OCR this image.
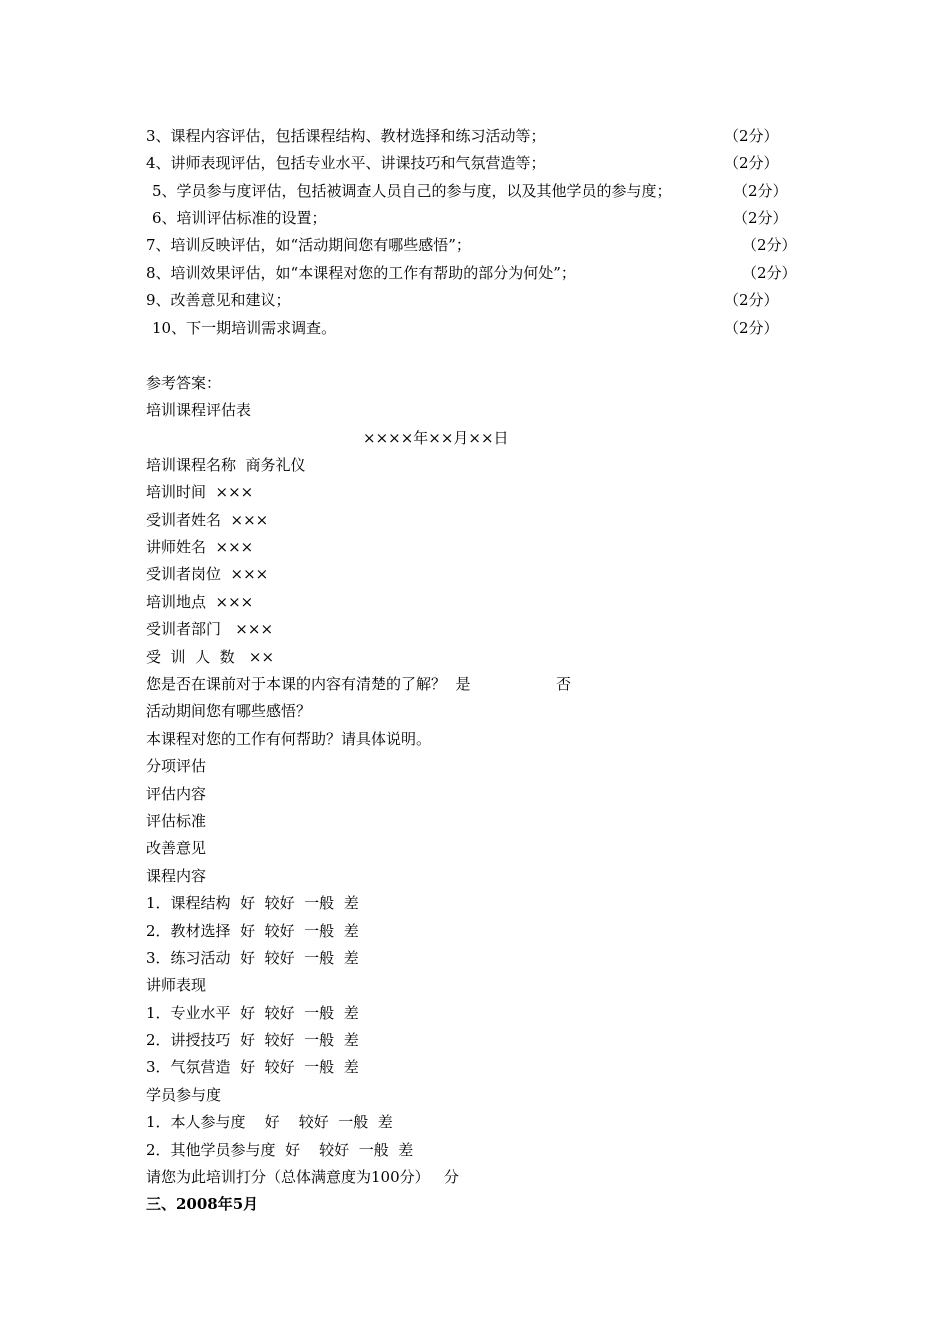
3、课程内容评估，包括课程结构、教材选择和练习活动等；	（2分）
4、讲师表现评估，包括专业水平、讲课技巧和气氛营造等；	（2分）
5、学员参与度评估，包括被调查人员自己的参与度，以及其他学员的参与度；	（2分）
6、培训评估标准的设置；	（2分）
7、培训反映评估，如“活动期间您有哪些感悟”；	（2分）
8、培训效果评估，如“本课程对您的工作有帮助的部分为何处”；	（2分）
9、改善意见和建议；	（2分）
10、下一期培训需求调查。	（2分）
参考答案：
培训课程评估表
××××年××月××日
培训课程名称  商务礼仪
培训时间  ×××
受训者姓名  ×××
讲师姓名  ×××
受训者岗位  ×××
培训地点  ×××
受训者部门   ×××
受  训  人  数   ××
您是否在课前对于本课的内容有清楚的了解？  是	否
活动期间您有哪些感悟？
本课程对您的工作有何帮助？请具体说明。
分项评估
评估内容
评估标准
改善意见
课程内容
1．课程结构  好  较好  一般  差
2．教材选择  好  较好  一般  差
3．练习活动  好  较好  一般  差
讲师表现
1．专业水平  好  较好  一般  差
2．讲授技巧  好  较好  一般  差
3．气氛营造  好  较好  一般  差
学员参与度
1．本人参与度    好    较好  一般  差
2．其他学员参与度  好    较好  一般  差
请您为此培训打分（总体满意度为100分）   分
三、2008年5月
